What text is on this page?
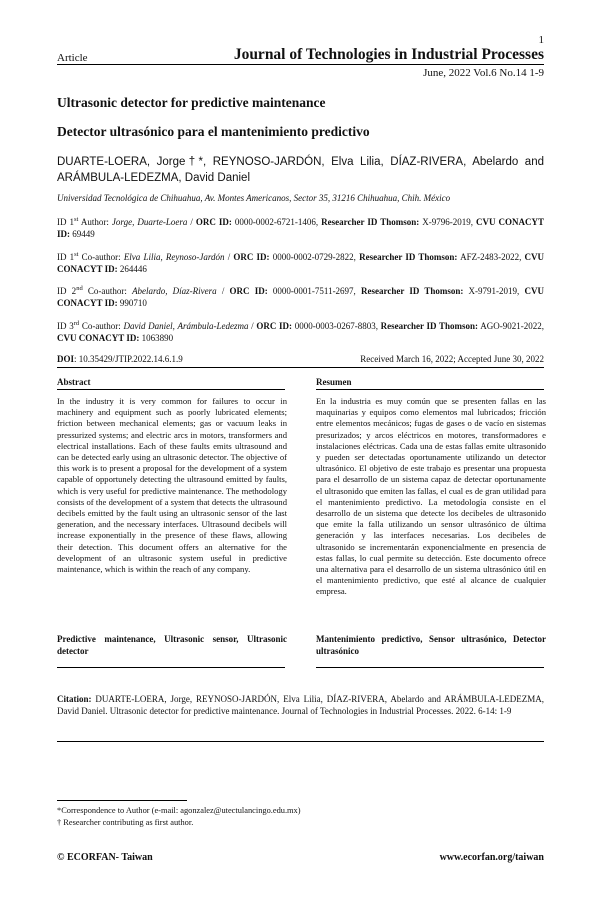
1
Article	Journal of Technologies in Industrial Processes
June, 2022 Vol.6 No.14 1-9
Ultrasonic detector for predictive maintenance
Detector ultrasónico para el mantenimiento predictivo
DUARTE-LOERA, Jorge†*, REYNOSO-JARDÓN, Elva Lilia, DÍAZ-RIVERA, Abelardo and ARÁMBULA-LEDEZMA, David Daniel
Universidad Tecnológica de Chihuahua, Av. Montes Americanos, Sector 35, 31216 Chihuahua, Chih. México
ID 1st Author: Jorge, Duarte-Loera / ORC ID: 0000-0002-6721-1406, Researcher ID Thomson: X-9796-2019, CVU CONACYT ID: 69449
ID 1st Co-author: Elva Lilia, Reynoso-Jardón / ORC ID: 0000-0002-0729-2822, Researcher ID Thomson: AFZ-2483-2022, CVU CONACYT ID: 264446
ID 2nd Co-author: Abelardo, Díaz-Rivera / ORC ID: 0000-0001-7511-2697, Researcher ID Thomson: X-9791-2019, CVU CONACYT ID: 990710
ID 3rd Co-author: David Daniel, Arámbula-Ledezma / ORC ID: 0000-0003-0267-8803, Researcher ID Thomson: AGO-9021-2022, CVU CONACYT ID: 1063890
DOI: 10.35429/JTIP.2022.14.6.1.9	Received March 16, 2022; Accepted June 30, 2022
Abstract	Resumen
In the industry it is very common for failures to occur in machinery and equipment such as poorly lubricated elements; friction between mechanical elements; gas or vacuum leaks in pressurized systems; and electric arcs in motors, transformers and electrical installations. Each of these faults emits ultrasound and can be detected early using an ultrasonic detector. The objective of this work is to present a proposal for the development of a system capable of opportunely detecting the ultrasound emitted by faults, which is very useful for predictive maintenance. The methodology consists of the development of a system that detects the ultrasound decibels emitted by the fault using an ultrasonic sensor of the last generation, and the necessary interfaces. Ultrasound decibels will increase exponentially in the presence of these flaws, allowing their detection. This document offers an alternative for the development of an ultrasonic system useful in predictive maintenance, which is within the reach of any company.
En la industria es muy común que se presenten fallas en las maquinarias y equipos como elementos mal lubricados; fricción entre elementos mecánicos; fugas de gases o de vacío en sistemas presurizados; y arcos eléctricos en motores, transformadores e instalaciones eléctricas. Cada una de estas fallas emite ultrasonido y pueden ser detectadas oportunamente utilizando un detector ultrasónico. El objetivo de este trabajo es presentar una propuesta para el desarrollo de un sistema capaz de detectar oportunamente el ultrasonido que emiten las fallas, el cual es de gran utilidad para el mantenimiento predictivo. La metodología consiste en el desarrollo de un sistema que detecte los decibeles de ultrasonido que emite la falla utilizando un sensor ultrasónico de última generación y las interfaces necesarias. Los decibeles de ultrasonido se incrementarán exponencialmente en presencia de estas fallas, lo cual permite su detección. Este documento ofrece una alternativa para el desarrollo de un sistema ultrasónico útil en el mantenimiento predictivo, que esté al alcance de cualquier empresa.
Predictive maintenance, Ultrasonic sensor, Ultrasonic detector
Mantenimiento predictivo, Sensor ultrasónico, Detector ultrasónico
Citation: DUARTE-LOERA, Jorge, REYNOSO-JARDÓN, Elva Lilia, DÍAZ-RIVERA, Abelardo and ARÁMBULA-LEDEZMA, David Daniel. Ultrasonic detector for predictive maintenance. Journal of Technologies in Industrial Processes. 2022. 6-14: 1-9
*Correspondence to Author (e-mail: agonzalez@utectulancingo.edu.mx)
† Researcher contributing as first author.
© ECORFAN- Taiwan	www.ecorfan.org/taiwan
